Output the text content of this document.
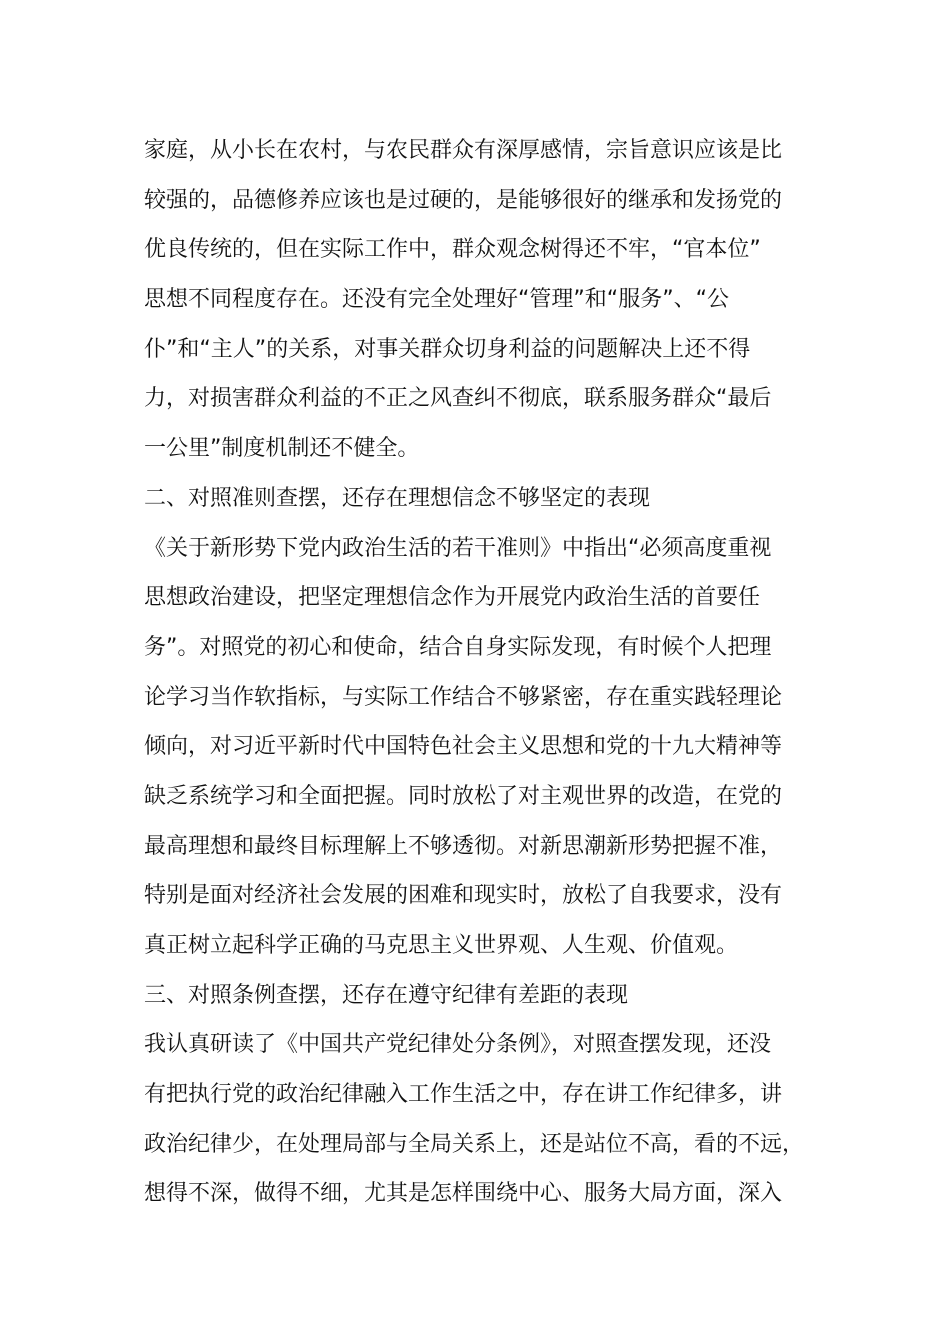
家庭，从小长在农村，与农民群众有深厚感情，宗旨意识应该是比
较强的，品德修养应该也是过硬的，是能够很好的继承和发扬党的
优良传统的，但在实际工作中，群众观念树得还不牢，“官本位”
思想不同程度存在。还没有完全处理好“管理”和“服务”、“公
仆”和“主人”的关系，对事关群众切身利益的问题解决上还不得
力，对损害群众利益的不正之风查纠不彻底，联系服务群众“最后
一公里”制度机制还不健全。
二、对照准则查摆，还存在理想信念不够坚定的表现
《关于新形势下党内政治生活的若干准则》中指出“必须高度重视
思想政治建设，把坚定理想信念作为开展党内政治生活的首要任
务”。对照党的初心和使命，结合自身实际发现，有时候个人把理
论学习当作软指标，与实际工作结合不够紧密，存在重实践轻理论
倾向，对习近平新时代中国特色社会主义思想和党的十九大精神等
缺乏系统学习和全面把握。同时放松了对主观世界的改造，在党的
最高理想和最终目标理解上不够透彻。对新思潮新形势把握不准，
特别是面对经济社会发展的困难和现实时，放松了自我要求，没有
真正树立起科学正确的马克思主义世界观、人生观、价值观。
三、对照条例查摆，还存在遵守纪律有差距的表现
我认真研读了《中国共产党纪律处分条例》，对照查摆发现，还没
有把执行党的政治纪律融入工作生活之中，存在讲工作纪律多，讲
政治纪律少，在处理局部与全局关系上，还是站位不高，看的不远，
想得不深，做得不细，尤其是怎样围绕中心、服务大局方面，深入
